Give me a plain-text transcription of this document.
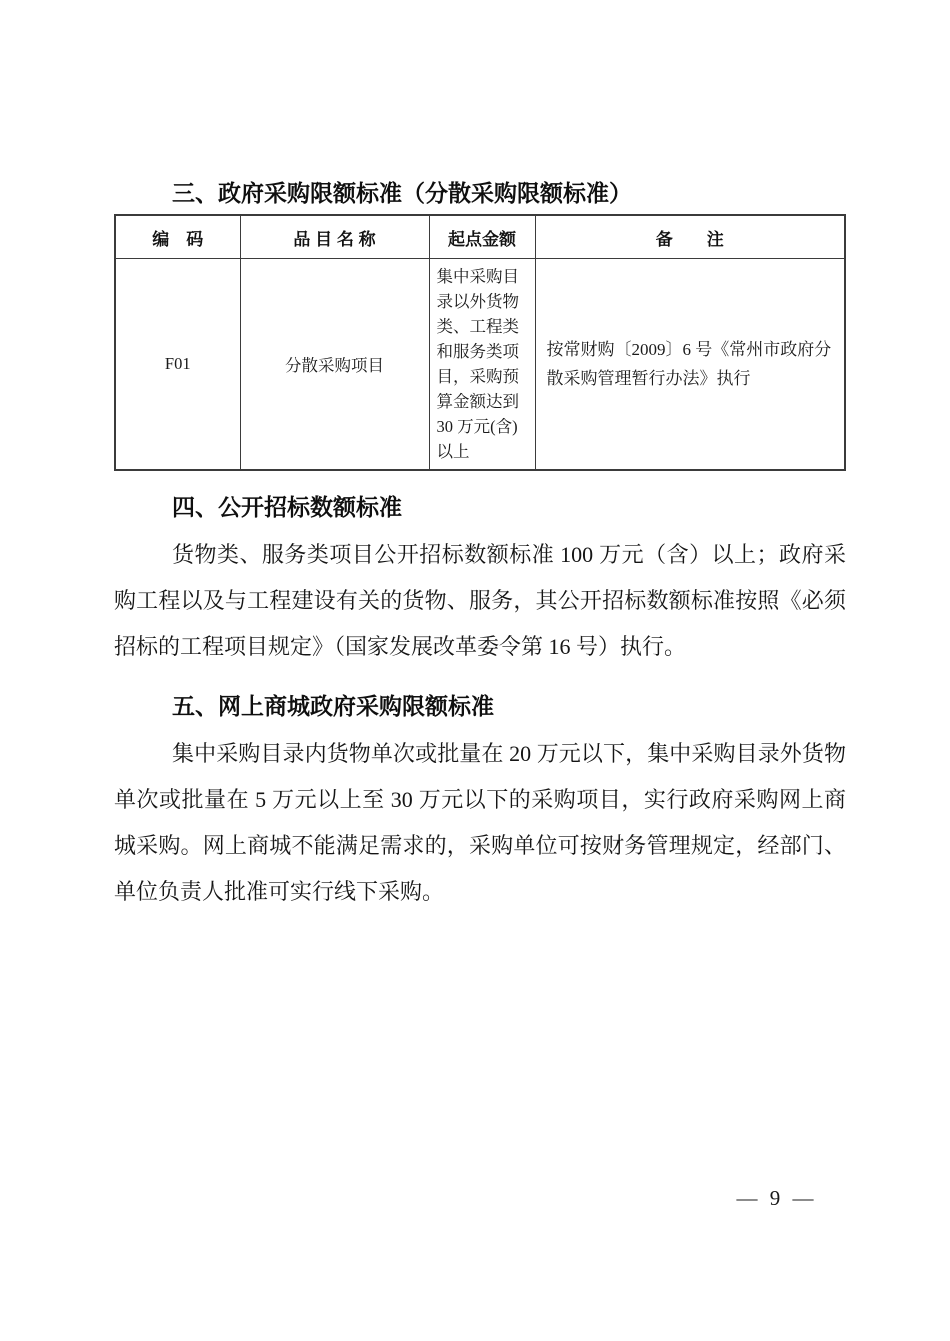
三、政府采购限额标准（分散采购限额标准）
编　码	品 目 名 称	起点金额	备　　注
F01	分散采购项目	集中采购目录以外货物类、工程类和服务类项目，采购预算金额达到 30 万元(含)以上	按常财购〔2009〕6 号《常州市政府分散采购管理暂行办法》执行
四、公开招标数额标准

货物类、服务类项目公开招标数额标准 100 万元（含）以上；政府采购工程以及与工程建设有关的货物、服务，其公开招标数额标准按照《必须招标的工程项目规定》（国家发展改革委令第 16 号）执行。

五、网上商城政府采购限额标准

集中采购目录内货物单次或批量在 20 万元以下，集中采购目录外货物单次或批量在 5 万元以上至 30 万元以下的采购项目，实行政府采购网上商城采购。网上商城不能满足需求的，采购单位可按财务管理规定，经部门、单位负责人批准可实行线下采购。

— 9 —
